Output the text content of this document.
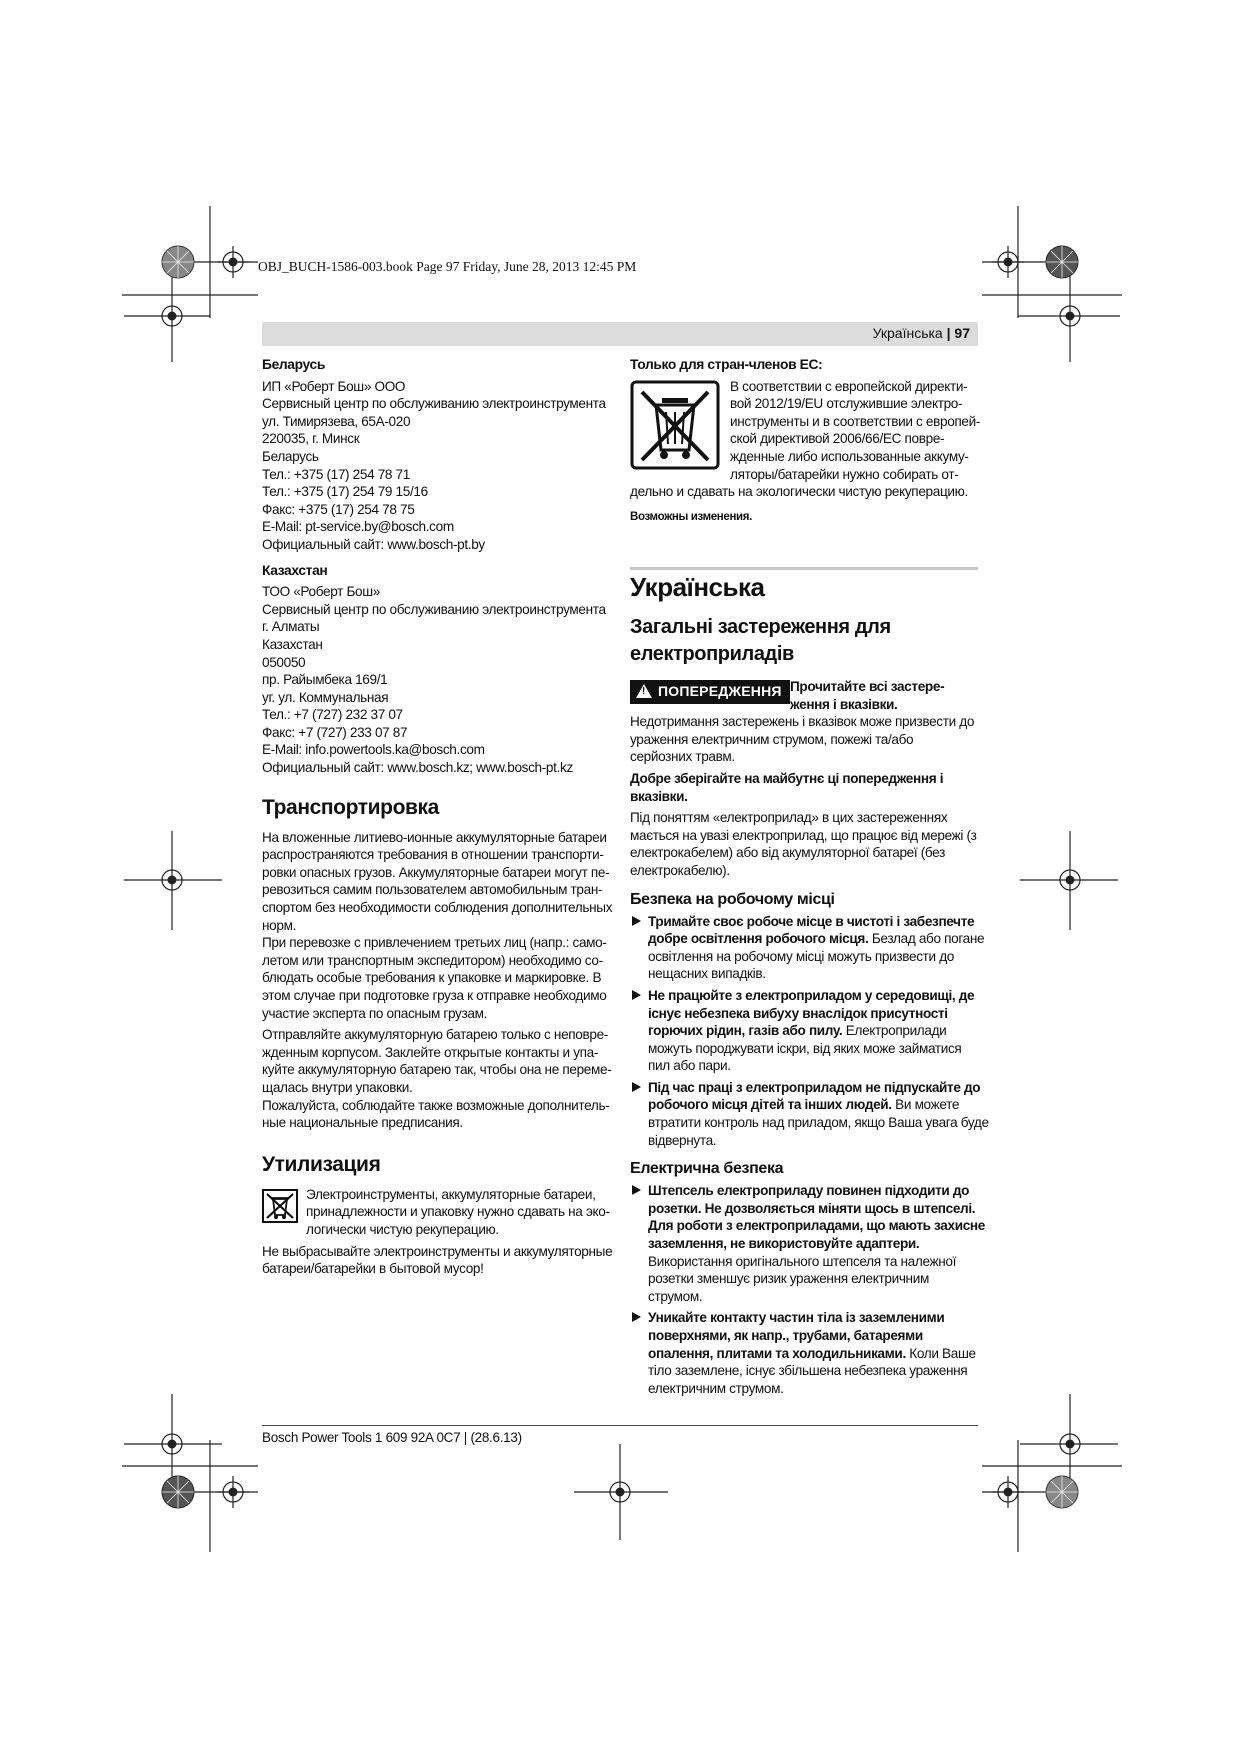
OBJ_BUCH-1586-003.book Page 97 Friday, June 28, 2013 12:45 PM
Українська | 97
Беларусь
ИП «Роберт Бош» ООО
Сервисный центр по обслуживанию электроинструмента
ул. Тимирязева, 65А-020
220035, г. Минск
Беларусь
Тел.: +375 (17) 254 78 71
Тел.: +375 (17) 254 79 15/16
Факс: +375 (17) 254 78 75
E-Mail: pt-service.by@bosch.com
Официальный сайт: www.bosch-pt.by
Казахстан
ТОО «Роберт Бош»
Сервисный центр по обслуживанию электроинструмента
г. Алматы
Казахстан
050050
пр. Райымбека 169/1
уг. ул. Коммунальная
Тел.: +7 (727) 232 37 07
Факс: +7 (727) 233 07 87
E-Mail: info.powertools.ka@bosch.com
Официальный сайт: www.bosch.kz; www.bosch-pt.kz
Транспортировка
На вложенные литиево-ионные аккумуляторные батареи
распространяются требования в отношении транспорти-
ровки опасных грузов. Аккумуляторные батареи могут пе-
ревозиться самим пользователем автомобильным тран-
спортом без необходимости соблюдения дополнительных
норм.
При перевозке с привлечением третьих лиц (напр.: само-
летом или транспортным экспедитором) необходимо со-
блюдать особые требования к упаковке и маркировке. В
этом случае при подготовке груза к отправке необходимо
участие эксперта по опасным грузам.
Отправляйте аккумуляторную батарею только с неповре-
жденным корпусом. Заклейте открытые контакты и упа-
куйте аккумуляторную батарею так, чтобы она не переме-
щалась внутри упаковки.
Пожалуйста, соблюдайте также возможные дополнитель-
ные национальные предписания.
Утилизация
Электроинструменты, аккумуляторные батареи,
принадлежности и упаковку нужно сдавать на эко-
логически чистую рекуперацию.
Не выбрасывайте электроинструменты и аккумуляторные
батареи/батарейки в бытовой мусор!
Только для стран-членов ЕС:
В соответствии с европейской директи-
вой 2012/19/EU отслужившие электро-
инструменты и в соответствии с европей-
ской директивой 2006/66/EC повре-
жденные либо использованные аккуму-
ляторы/батарейки нужно собирать от-
дельно и сдавать на экологически чистую рекуперацию.
Возможны изменения.
Українська
Загальні застереження для
електроприладів
! ПОПЕРЕДЖЕННЯ Прочитайте всі застере-
ження і вказівки.
Недотримання застережень і вказівок може призвести до
ураження електричним струмом, пожежі та/або
серйозних травм.
Добре зберігайте на майбутнє ці попередження і
вказівки.
Під поняттям «електроприлад» в цих застереженнях
мається на увазі електроприлад, що працює від мережі (з
електрокабелем) або від акумуляторної батареї (без
електрокабелю).
Безпека на робочому місці
Тримайте своє робоче місце в чистоті і забезпечте
добре освітлення робочого місця. Безлад або погане
освітлення на робочому місці можуть призвести до
нещасних випадків.
Не працюйте з електроприладом у середовищі, де
існує небезпека вибуху внаслідок присутності
горючих рідин, газів або пилу. Електроприлади
можуть породжувати іскри, від яких може займатися
пил або пари.
Під час праці з електроприладом не підпускайте до
робочого місця дітей та інших людей. Ви можете
втратити контроль над приладом, якщо Ваша увага буде
відвернута.
Електрична безпека
Штепсель електроприладу повинен підходити до
розетки. Не дозволяється міняти щось в штепселі.
Для роботи з електроприладами, що мають захисне
заземлення, не використовуйте адаптери.
Використання оригінального штепселя та належної
розетки зменшує ризик ураження електричним
струмом.
Уникайте контакту частин тіла із заземленими
поверхнями, як напр., трубами, батареями
опалення, плитами та холодильниками. Коли Ваше
тіло заземлене, існує збільшена небезпека ураження
електричним струмом.
Bosch Power Tools 1 609 92A 0C7 | (28.6.13)
